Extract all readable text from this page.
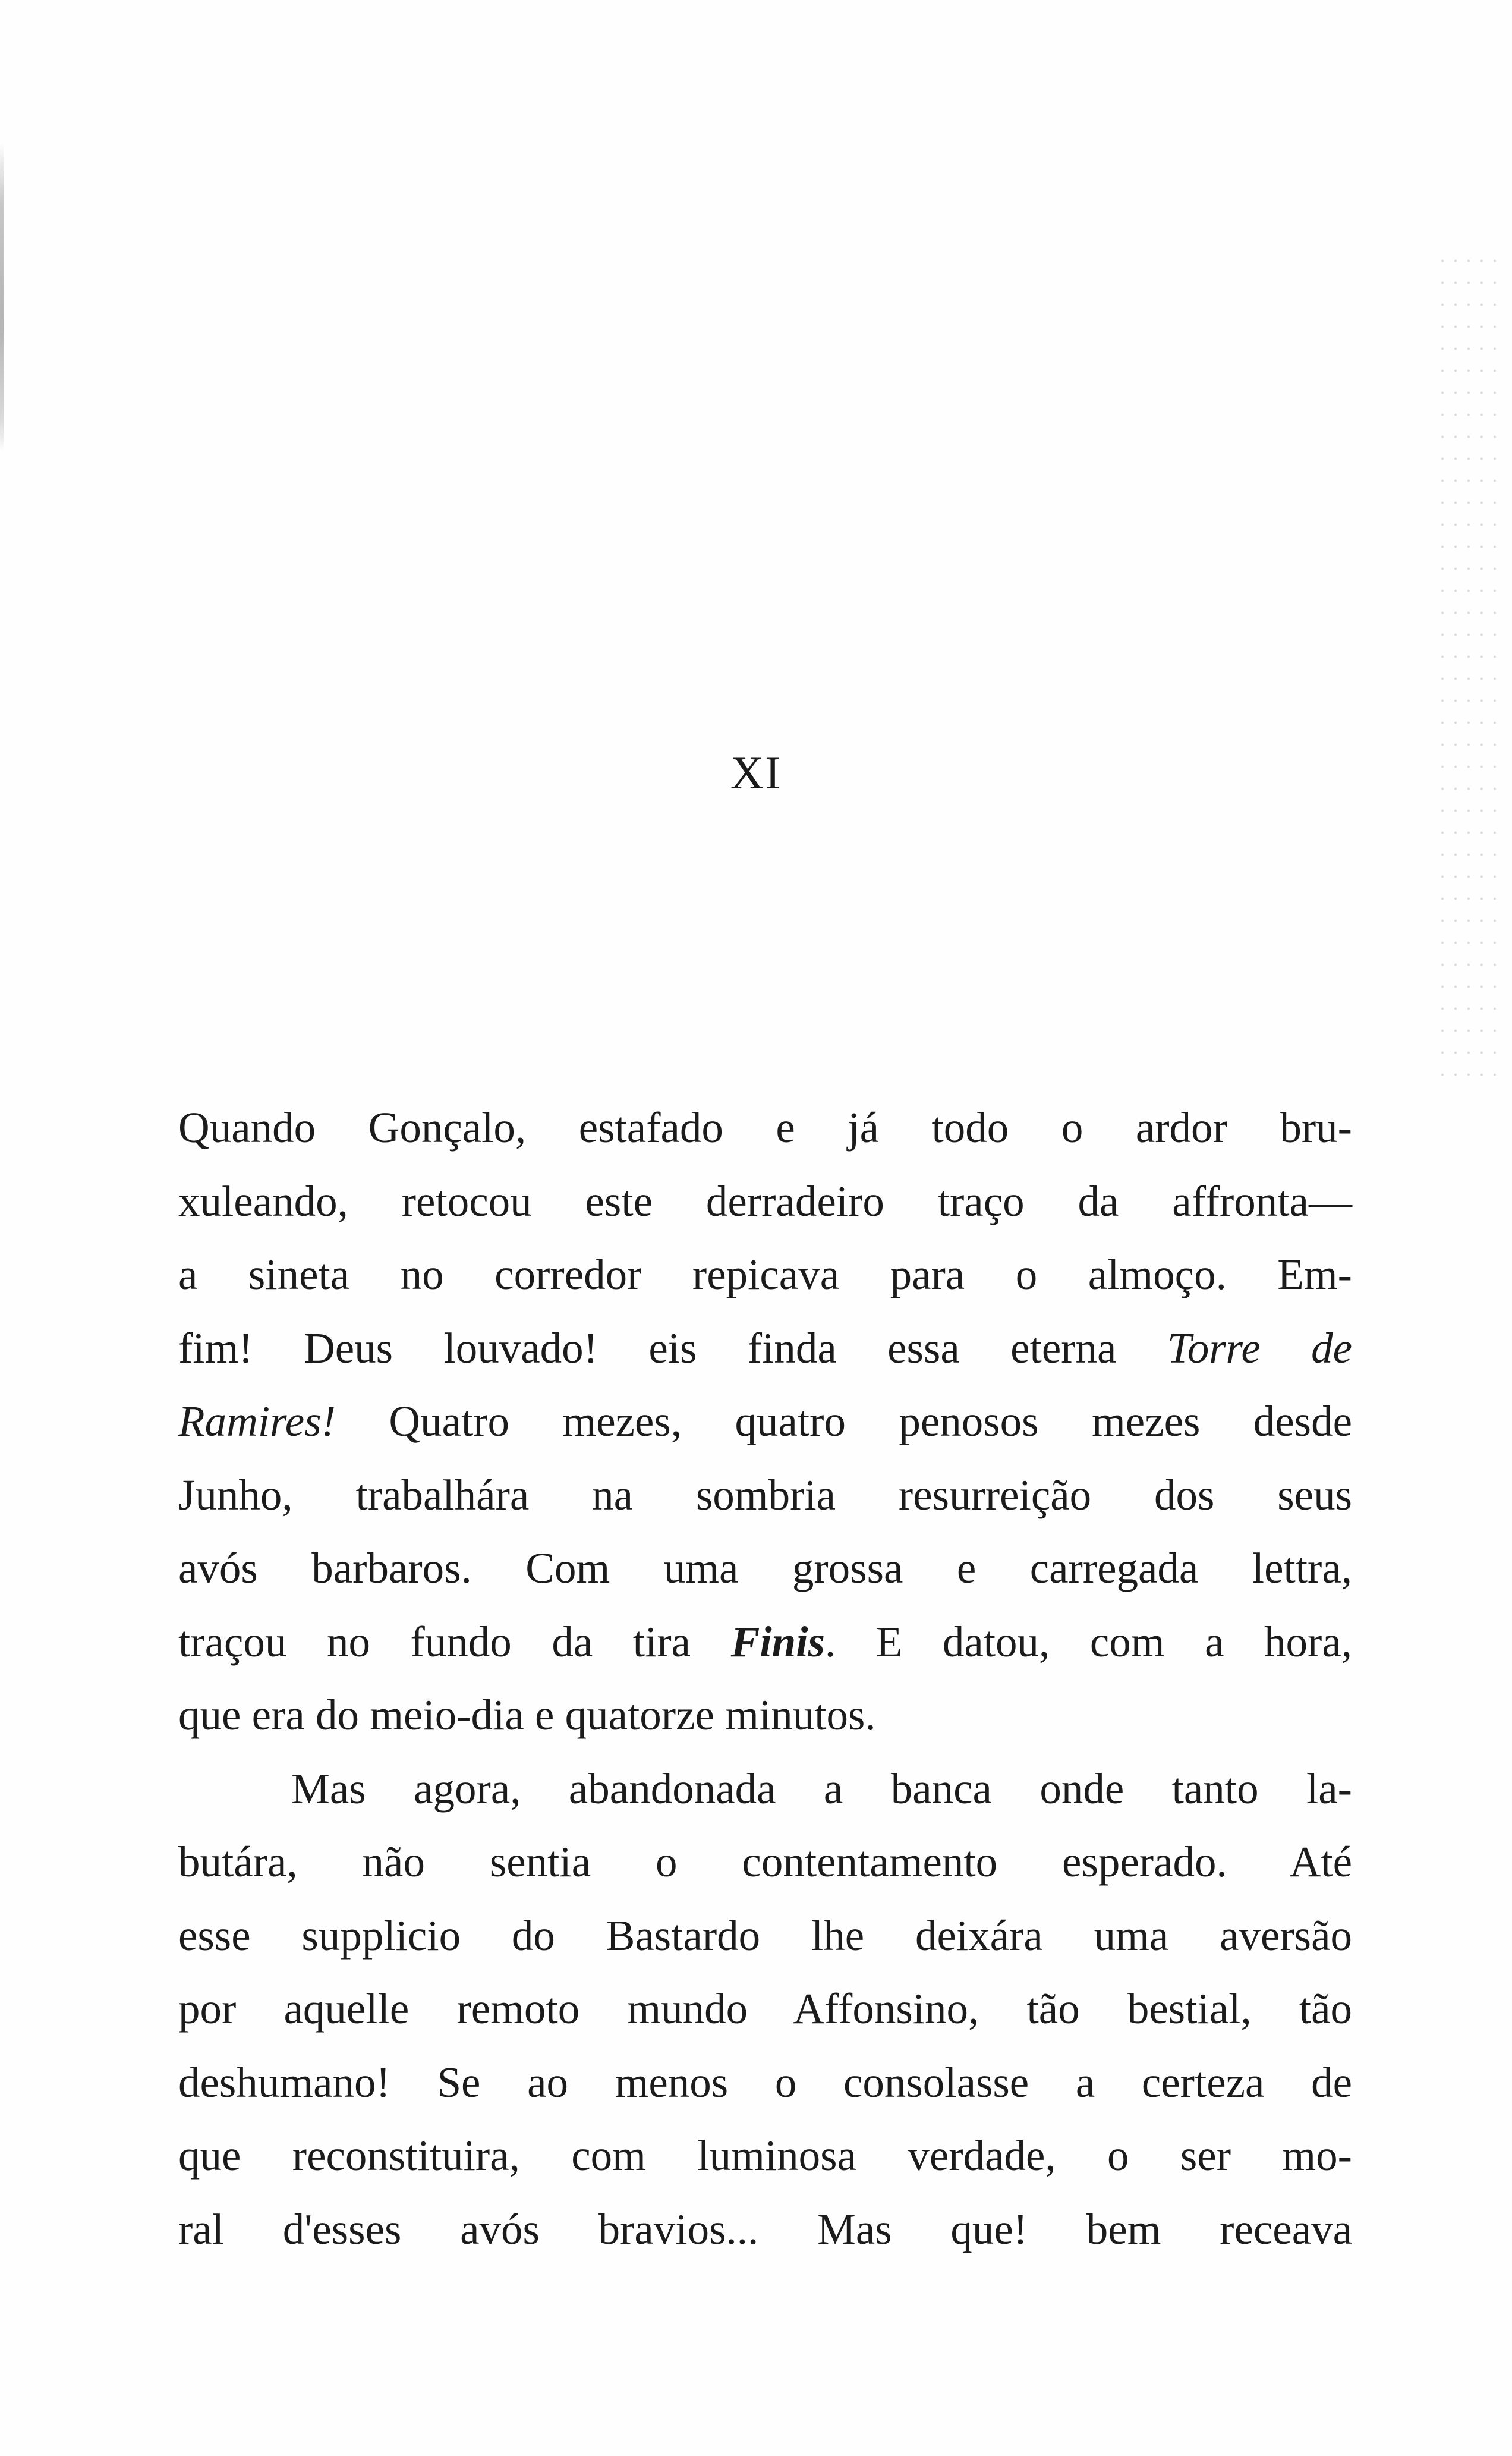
XI
Quando Gonçalo, estafado e já todo o ardor bru-
xuleando, retocou este derradeiro traço da affronta—
a sineta no corredor repicava para o almoço. Em-
fim! Deus louvado! eis finda essa eterna Torre de
Ramires! Quatro mezes, quatro penosos mezes desde
Junho, trabalhára na sombria resurreição dos seus
avós barbaros. Com uma grossa e carregada lettra,
traçou no fundo da tira Finis. E datou, com a hora,
que era do meio-dia e quatorze minutos.
Mas agora, abandonada a banca onde tanto la-
butára, não sentia o contentamento esperado. Até
esse supplicio do Bastardo lhe deixára uma aversão
por aquelle remoto mundo Affonsino, tão bestial, tão
deshumano! Se ao menos o consolasse a certeza de
que reconstituira, com luminosa verdade, o ser mo-
ral d'esses avós bravios... Mas que! bem receava
